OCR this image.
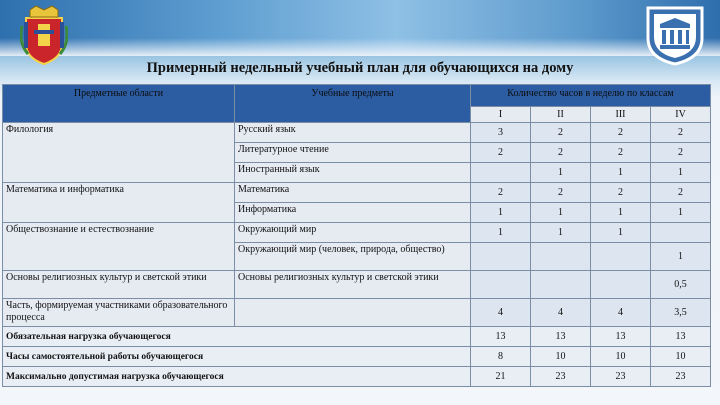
Примерный недельный учебный план для обучающихся на дому
Предметные области	Учебные предметы	Количество часов в неделю по классам			
		I	II	III	IV
Филология	Русский язык	3	2	2	2
	Литературное чтение	2	2	2	2
	Иностранный язык		1	1	1
Математика и информатика	Математика	2	2	2	2
	Информатика	1	1	1	1
Обществознание и естествознание	Окружающий мир	1	1	1	
	Окружающий мир (человек, природа, общество)				1
Основы религиозных культур и светской этики	Основы религиозных культур и светской этики				0,5
Часть, формируемая участниками образовательного процесса		4	4	4	3,5
Обязательная нагрузка обучающегося		13	13	13	13
Часы самостоятельной работы обучающегося		8	10	10	10
Максимально допустимая нагрузка обучающегося		21	23	23	23
